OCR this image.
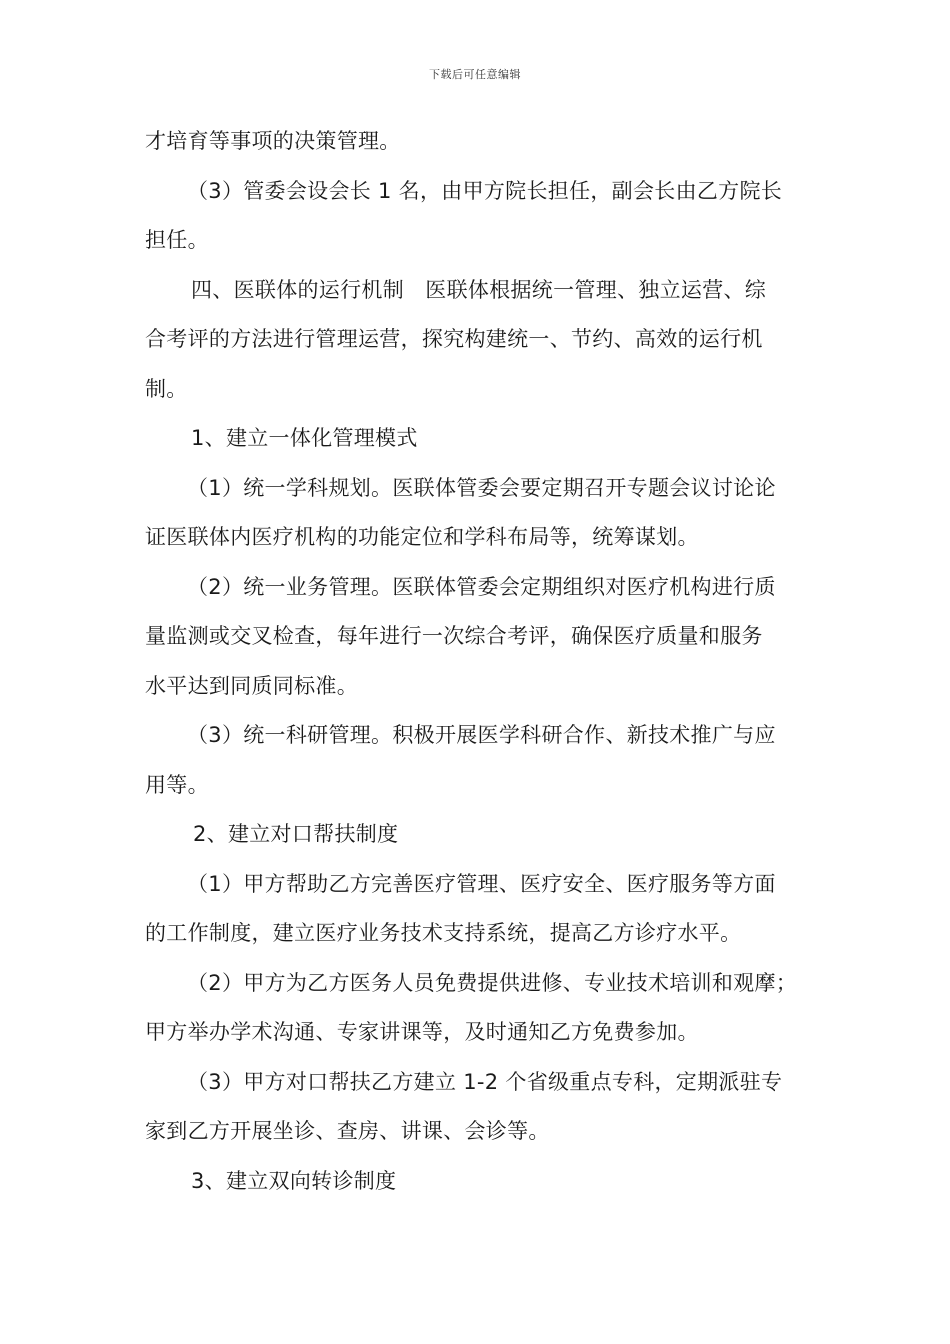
下载后可任意编辑
才培育等事项的决策管理。
（3）管委会设会长 1 名，由甲方院长担任，副会长由乙方院长
担任。
四、医联体的运行机制　医联体根据统一管理、独立运营、综
合考评的方法进行管理运营，探究构建统一、节约、高效的运行机
制。
1、建立一体化管理模式
（1）统一学科规划。医联体管委会要定期召开专题会议讨论论
证医联体内医疗机构的功能定位和学科布局等，统筹谋划。
（2）统一业务管理。医联体管委会定期组织对医疗机构进行质
量监测或交叉检查，每年进行一次综合考评，确保医疗质量和服务
水平达到同质同标准。
（3）统一科研管理。积极开展医学科研合作、新技术推广与应
用等。
2、建立对口帮扶制度
（1）甲方帮助乙方完善医疗管理、医疗安全、医疗服务等方面
的工作制度，建立医疗业务技术支持系统，提高乙方诊疗水平。
（2）甲方为乙方医务人员免费提供进修、专业技术培训和观摩；
甲方举办学术沟通、专家讲课等，及时通知乙方免费参加。
（3）甲方对口帮扶乙方建立 1-2 个省级重点专科，定期派驻专
家到乙方开展坐诊、查房、讲课、会诊等。
3、建立双向转诊制度
